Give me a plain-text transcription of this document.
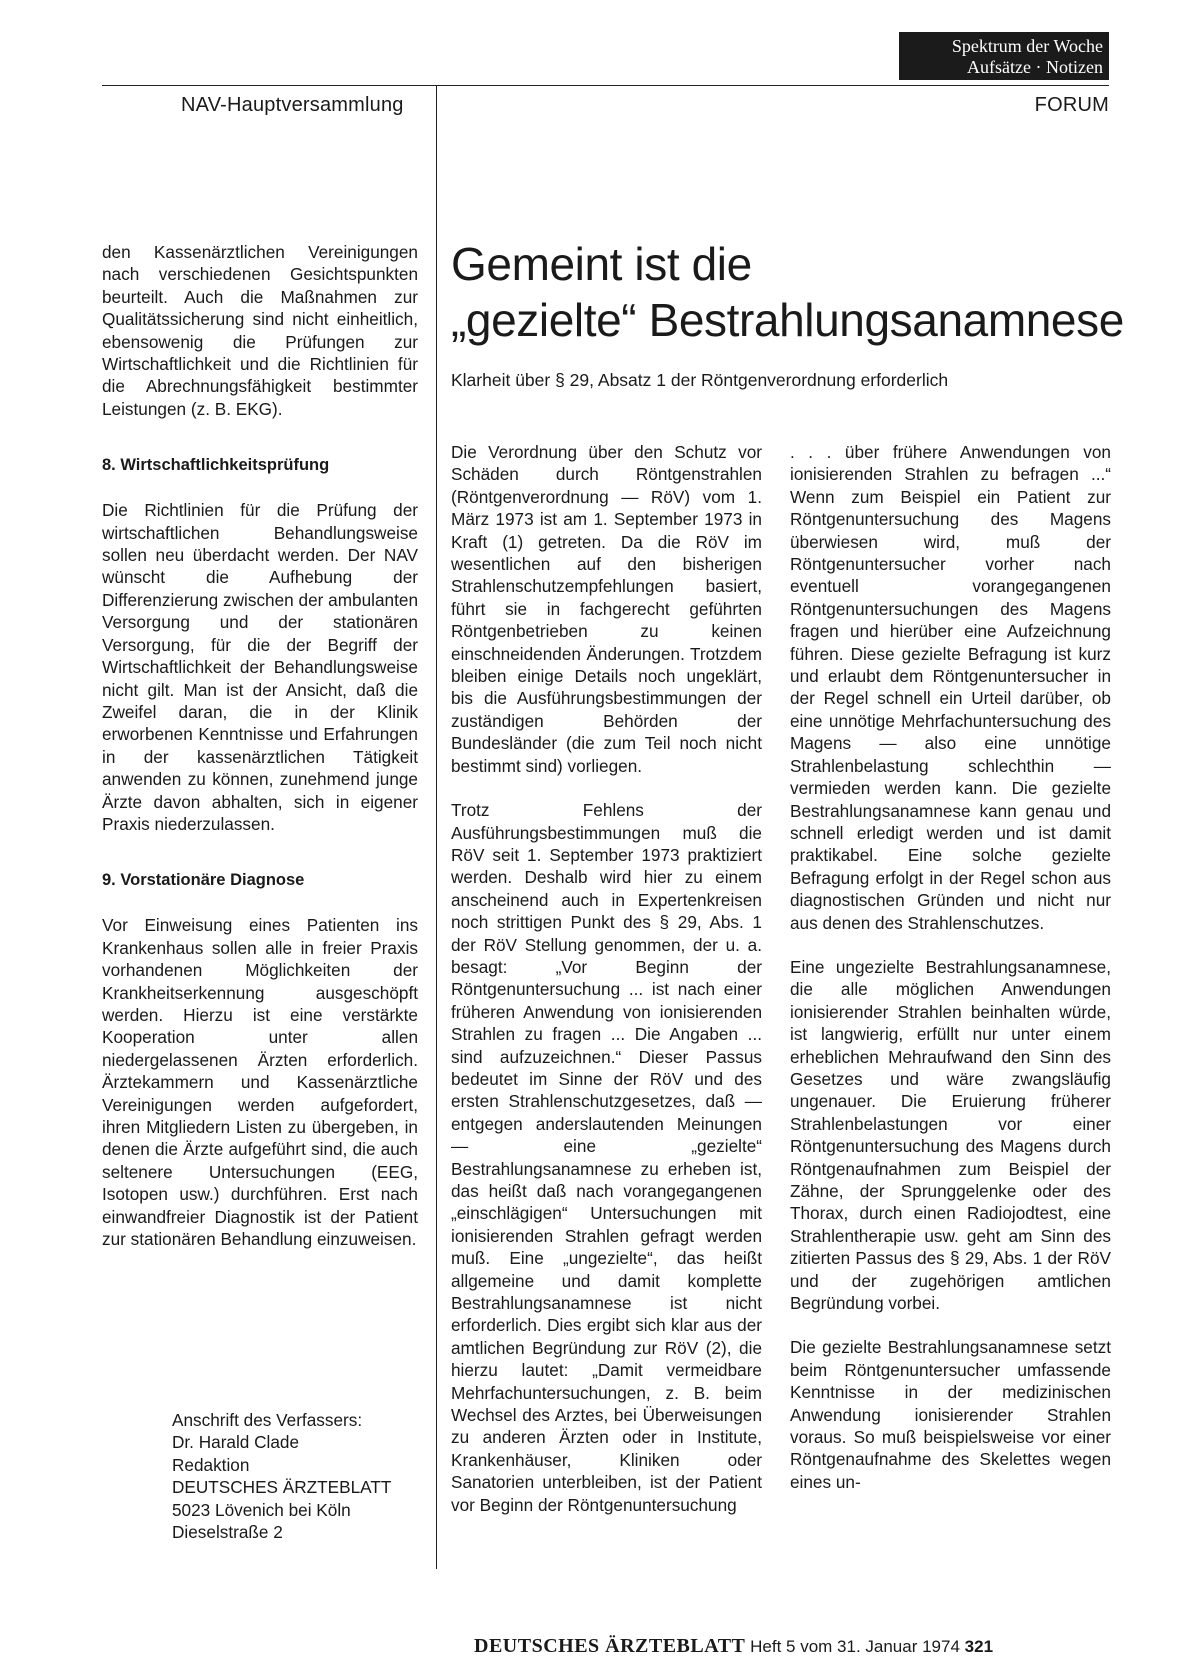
Spektrum der Woche
Aufsätze · Notizen
NAV-Hauptversammlung	FORUM
Gemeint ist die
„gezielte“ Bestrahlungsanamnese
Klarheit über § 29, Absatz 1 der Röntgenverordnung erforderlich

den Kassenärztlichen Vereinigungen nach verschiedenen Gesichtspunkten beurteilt. Auch die Maßnahmen zur Qualitätssicherung sind nicht einheitlich, ebensowenig die Prüfungen zur Wirtschaftlichkeit und die Richtlinien für die Abrechnungsfähigkeit bestimmter Leistungen (z. B. EKG).

8. Wirtschaftlichkeitsprüfung

Die Richtlinien für die Prüfung der wirtschaftlichen Behandlungsweise sollen neu überdacht werden. Der NAV wünscht die Aufhebung der Differenzierung zwischen der ambulanten Versorgung und der stationären Versorgung, für die der Begriff der Wirtschaftlichkeit der Behandlungsweise nicht gilt. Man ist der Ansicht, daß die Zweifel daran, die in der Klinik erworbenen Kenntnisse und Erfahrungen in der kassenärztlichen Tätigkeit anwenden zu können, zunehmend junge Ärzte davon abhalten, sich in eigener Praxis niederzulassen.

9. Vorstationäre Diagnose

Vor Einweisung eines Patienten ins Krankenhaus sollen alle in freier Praxis vorhandenen Möglichkeiten der Krankheitserkennung ausgeschöpft werden. Hierzu ist eine verstärkte Kooperation unter allen niedergelassenen Ärzten erforderlich. Ärztekammern und Kassenärztliche Vereinigungen werden aufgefordert, ihren Mitgliedern Listen zu übergeben, in denen die Ärzte aufgeführt sind, die auch seltenere Untersuchungen (EEG, Isotopen usw.) durchführen. Erst nach einwandfreier Diagnostik ist der Patient zur stationären Behandlung einzuweisen.

Anschrift des Verfassers:
Dr. Harald Clade
Redaktion
DEUTSCHES ÄRZTEBLATT
5023 Lövenich bei Köln
Dieselstraße 2

Die Verordnung über den Schutz vor Schäden durch Röntgenstrahlen (Röntgenverordnung — RöV) vom 1. März 1973 ist am 1. September 1973 in Kraft (1) getreten. Da die RöV im wesentlichen auf den bisherigen Strahlenschutzempfehlungen basiert, führt sie in fachgerecht geführten Röntgenbetrieben zu keinen einschneidenden Änderungen. Trotzdem bleiben einige Details noch ungeklärt, bis die Ausführungsbestimmungen der zuständigen Behörden der Bundesländer (die zum Teil noch nicht bestimmt sind) vorliegen.

Trotz Fehlens der Ausführungsbestimmungen muß die RöV seit 1. September 1973 praktiziert werden. Deshalb wird hier zu einem anscheinend auch in Expertenkreisen noch strittigen Punkt des § 29, Abs. 1 der RöV Stellung genommen, der u. a. besagt: „Vor Beginn der Röntgenuntersuchung ... ist nach einer früheren Anwendung von ionisierenden Strahlen zu fragen ... Die Angaben ... sind aufzuzeichnen.“ Dieser Passus bedeutet im Sinne der RöV und des ersten Strahlenschutzgesetzes, daß — entgegen anderslautenden Meinungen — eine „gezielte“ Bestrahlungsanamnese zu erheben ist, das heißt daß nach vorangegangenen „einschlägigen“ Untersuchungen mit ionisierenden Strahlen gefragt werden muß. Eine „ungezielte“, das heißt allgemeine und damit komplette Bestrahlungsanamnese ist nicht erforderlich. Dies ergibt sich klar aus der amtlichen Begründung zur RöV (2), die hierzu lautet: „Damit vermeidbare Mehrfachuntersuchungen, z. B. beim Wechsel des Arztes, bei Überweisungen zu anderen Ärzten oder in Institute, Krankenhäuser, Kliniken oder Sanatorien unterbleiben, ist der Patient vor Beginn der Röntgenuntersuchung

. . . über frühere Anwendungen von ionisierenden Strahlen zu befragen ...“ Wenn zum Beispiel ein Patient zur Röntgenuntersuchung des Magens überwiesen wird, muß der Röntgenuntersucher vorher nach eventuell vorangegangenen Röntgenuntersuchungen des Magens fragen und hierüber eine Aufzeichnung führen. Diese gezielte Befragung ist kurz und erlaubt dem Röntgenuntersucher in der Regel schnell ein Urteil darüber, ob eine unnötige Mehrfachuntersuchung des Magens — also eine unnötige Strahlenbelastung schlechthin — vermieden werden kann. Die gezielte Bestrahlungsanamnese kann genau und schnell erledigt werden und ist damit praktikabel. Eine solche gezielte Befragung erfolgt in der Regel schon aus diagnostischen Gründen und nicht nur aus denen des Strahlenschutzes.

Eine ungezielte Bestrahlungsanamnese, die alle möglichen Anwendungen ionisierender Strahlen beinhalten würde, ist langwierig, erfüllt nur unter einem erheblichen Mehraufwand den Sinn des Gesetzes und wäre zwangsläufig ungenauer. Die Eruierung früherer Strahlenbelastungen vor einer Röntgenuntersuchung des Magens durch Röntgenaufnahmen zum Beispiel der Zähne, der Sprunggelenke oder des Thorax, durch einen Radiojodtest, eine Strahlentherapie usw. geht am Sinn des zitierten Passus des § 29, Abs. 1 der RöV und der zugehörigen amtlichen Begründung vorbei.

Die gezielte Bestrahlungsanamnese setzt beim Röntgenuntersucher umfassende Kenntnisse in der medizinischen Anwendung ionisierender Strahlen voraus. So muß beispielsweise vor einer Röntgenaufnahme des Skelettes wegen eines un-

DEUTSCHES ÄRZTEBLATT Heft 5 vom 31. Januar 1974 321
